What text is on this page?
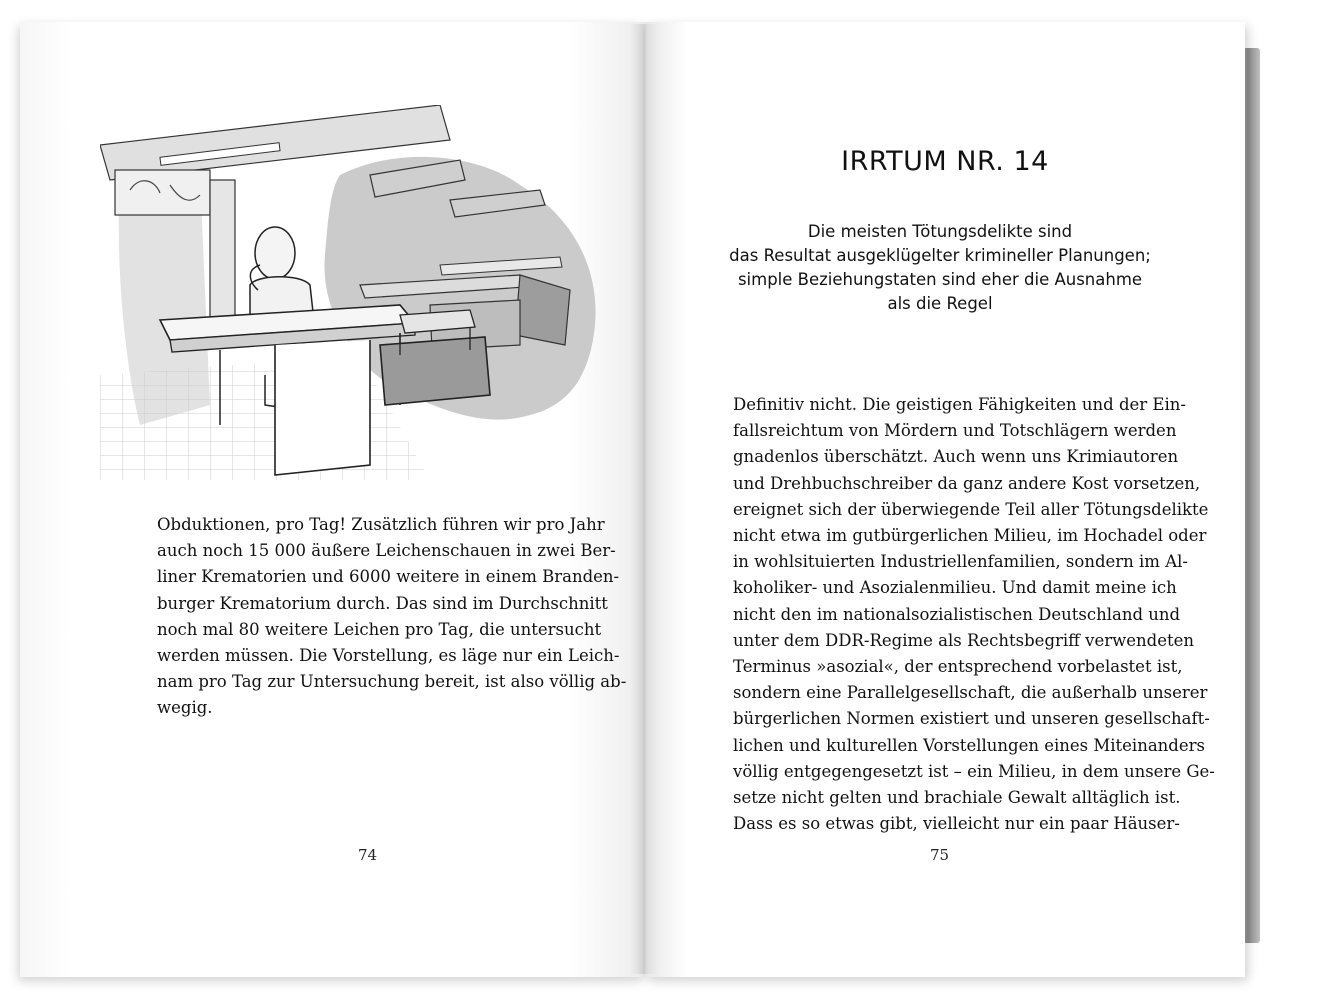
Obduktionen, pro Tag! Zusätzlich führen wir pro Jahr
auch noch 15 000 äußere Leichenschauen in zwei Ber-
liner Krematorien und 6000 weitere in einem Branden-
burger Krematorium durch. Das sind im Durchschnitt
noch mal 80 weitere Leichen pro Tag, die untersucht
werden müssen. Die Vorstellung, es läge nur ein Leich-
nam pro Tag zur Untersuchung bereit, ist also völlig ab-
wegig.
74
IRRTUM NR. 14
Die meisten Tötungsdelikte sind
das Resultat ausgeklügelter krimineller Planungen;
simple Beziehungstaten sind eher die Ausnahme
als die Regel
Definitiv nicht. Die geistigen Fähigkeiten und der Ein-
fallsreichtum von Mördern und Totschlägern werden
gnadenlos überschätzt. Auch wenn uns Krimiautoren
und Drehbuchschreiber da ganz andere Kost vorsetzen,
ereignet sich der überwiegende Teil aller Tötungsdelikte
nicht etwa im gutbürgerlichen Milieu, im Hochadel oder
in wohlsituierten Industriellenfamilien, sondern im Al-
koholiker- und Asozialenmilieu. Und damit meine ich
nicht den im nationalsozialistischen Deutschland und
unter dem DDR-Regime als Rechtsbegriff verwendeten
Terminus »asozial«, der entsprechend vorbelastet ist,
sondern eine Parallelgesellschaft, die außerhalb unserer
bürgerlichen Normen existiert und unseren gesellschaft-
lichen und kulturellen Vorstellungen eines Miteinanders
völlig entgegengesetzt ist – ein Milieu, in dem unsere Ge-
setze nicht gelten und brachiale Gewalt alltäglich ist.
Dass es so etwas gibt, vielleicht nur ein paar Häuser-
75
